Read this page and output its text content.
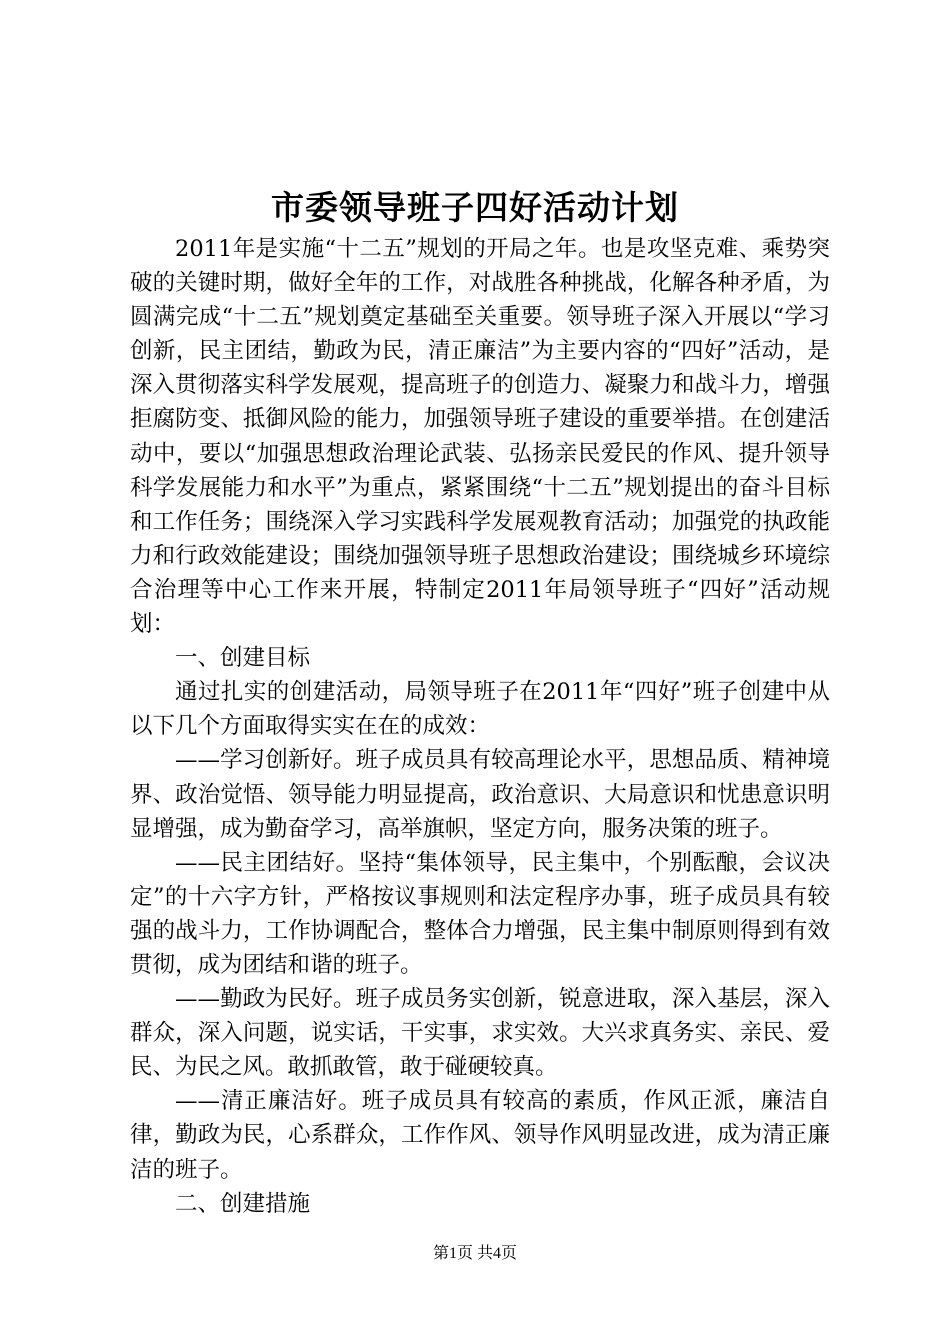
市委领导班子四好活动计划

2011年是实施“十二五”规划的开局之年。也是攻坚克难、乘势突破的关键时期，做好全年的工作，对战胜各种挑战，化解各种矛盾，为圆满完成“十二五”规划奠定基础至关重要。领导班子深入开展以“学习创新，民主团结，勤政为民，清正廉洁”为主要内容的“四好”活动，是深入贯彻落实科学发展观，提高班子的创造力、凝聚力和战斗力，增强拒腐防变、抵御风险的能力，加强领导班子建设的重要举措。在创建活动中，要以“加强思想政治理论武装、弘扬亲民爱民的作风、提升领导科学发展能力和水平”为重点，紧紧围绕“十二五”规划提出的奋斗目标和工作任务；围绕深入学习实践科学发展观教育活动；加强党的执政能力和行政效能建设；围绕加强领导班子思想政治建设；围绕城乡环境综合治理等中心工作来开展，特制定2011年局领导班子“四好”活动规划：

一、创建目标

通过扎实的创建活动，局领导班子在2011年“四好”班子创建中从以下几个方面取得实实在在的成效：

——学习创新好。班子成员具有较高理论水平，思想品质、精神境界、政治觉悟、领导能力明显提高，政治意识、大局意识和忧患意识明显增强，成为勤奋学习，高举旗帜，坚定方向，服务决策的班子。

——民主团结好。坚持“集体领导，民主集中，个别酝酿，会议决定”的十六字方针，严格按议事规则和法定程序办事，班子成员具有较强的战斗力，工作协调配合，整体合力增强，民主集中制原则得到有效贯彻，成为团结和谐的班子。

——勤政为民好。班子成员务实创新，锐意进取，深入基层，深入群众，深入问题，说实话，干实事，求实效。大兴求真务实、亲民、爱民、为民之风。敢抓敢管，敢于碰硬较真。

——清正廉洁好。班子成员具有较高的素质，作风正派，廉洁自律，勤政为民，心系群众，工作作风、领导作风明显改进，成为清正廉洁的班子。

二、创建措施

第1页 共4页
